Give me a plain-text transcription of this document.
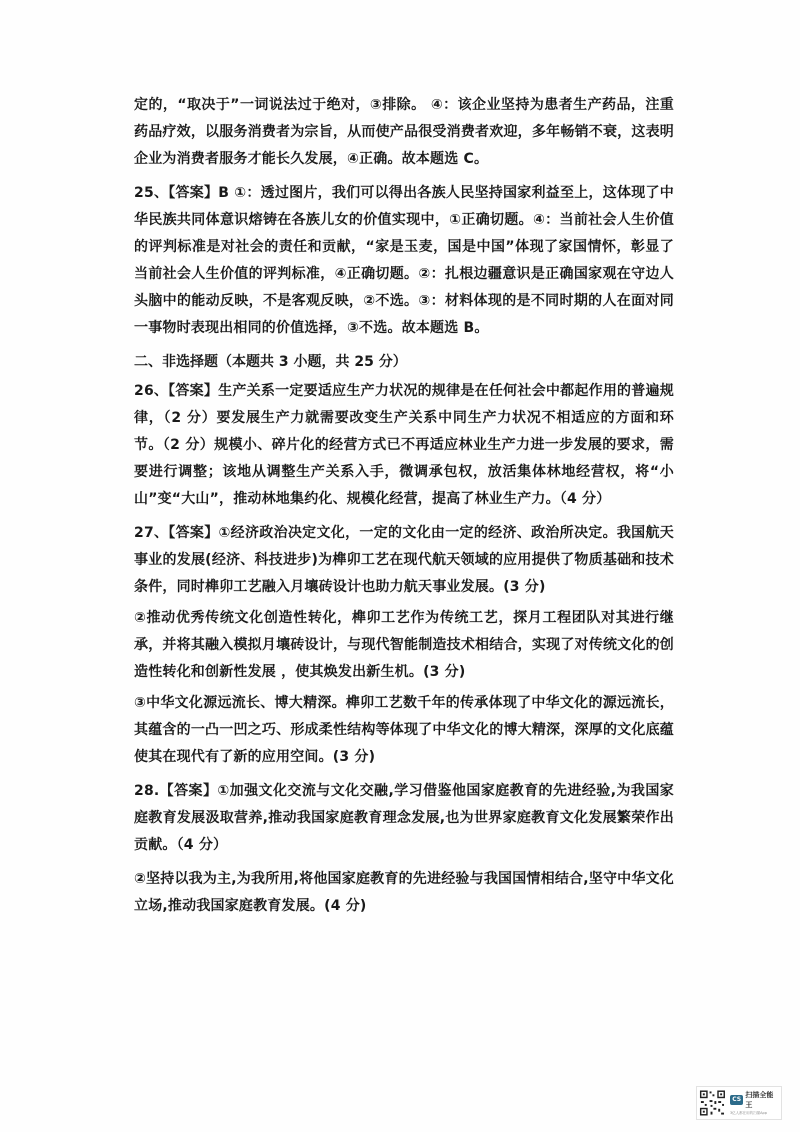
定的，“取决于”一词说法过于绝对，③排除。 ④：该企业坚持为患者生产药品，注重药品疗效，以服务消费者为宗旨，从而使产品很受消费者欢迎，多年畅销不衰，这表明企业为消费者服务才能长久发展，④正确。故本题选 C。

25、【答案】B ①：透过图片，我们可以得出各族人民坚持国家利益至上，这体现了中华民族共同体意识熔铸在各族儿女的价值实现中，①正确切题。④：当前社会人生价值的评判标准是对社会的责任和贡献，“家是玉麦，国是中国”体现了家国情怀，彰显了当前社会人生价值的评判标准，④正确切题。②：扎根边疆意识是正确国家观在守边人头脑中的能动反映，不是客观反映，②不选。③：材料体现的是不同时期的人在面对同一事物时表现出相同的价值选择，③不选。故本题选 B。

二、非选择题（本题共 3 小题，共 25 分）

26、【答案】生产关系一定要适应生产力状况的规律是在任何社会中都起作用的普遍规律，（2 分）要发展生产力就需要改变生产关系中同生产力状况不相适应的方面和环节。（2 分）规模小、碎片化的经营方式已不再适应林业生产力进一步发展的要求，需要进行调整；该地从调整生产关系入手，微调承包权，放活集体林地经营权，将“小山”变“大山”，推动林地集约化、规模化经营，提高了林业生产力。（4 分）

27、【答案】①经济政治决定文化，一定的文化由一定的经济、政治所决定。我国航天事业的发展(经济、科技进步)为榫卯工艺在现代航天领域的应用提供了物质基础和技术条件，同时榫卯工艺融入月壤砖设计也助力航天事业发展。(3 分)

②推动优秀传统文化创造性转化，榫卯工艺作为传统工艺，探月工程团队对其进行继承，并将其融入模拟月壤砖设计，与现代智能制造技术相结合，实现了对传统文化的创造性转化和创新性发展 ，使其焕发出新生机。(3 分)

③中华文化源远流长、博大精深。榫卯工艺数千年的传承体现了中华文化的源远流长，其蕴含的一凸一凹之巧、形成柔性结构等体现了中华文化的博大精深，深厚的文化底蕴使其在现代有了新的应用空间。(3 分)

28.【答案】①加强文化交流与文化交融,学习借鉴他国家庭教育的先进经验,为我国家庭教育发展汲取营养,推动我国家庭教育理念发展,也为世界家庭教育文化发展繁荣作出贡献。（4 分）

②坚持以我为主,为我所用,将他国家庭教育的先进经验与我国国情相结合,坚守中华文化立场,推动我国家庭教育发展。(4 分)

CS
扫描全能王
3亿人都在用的扫描App
